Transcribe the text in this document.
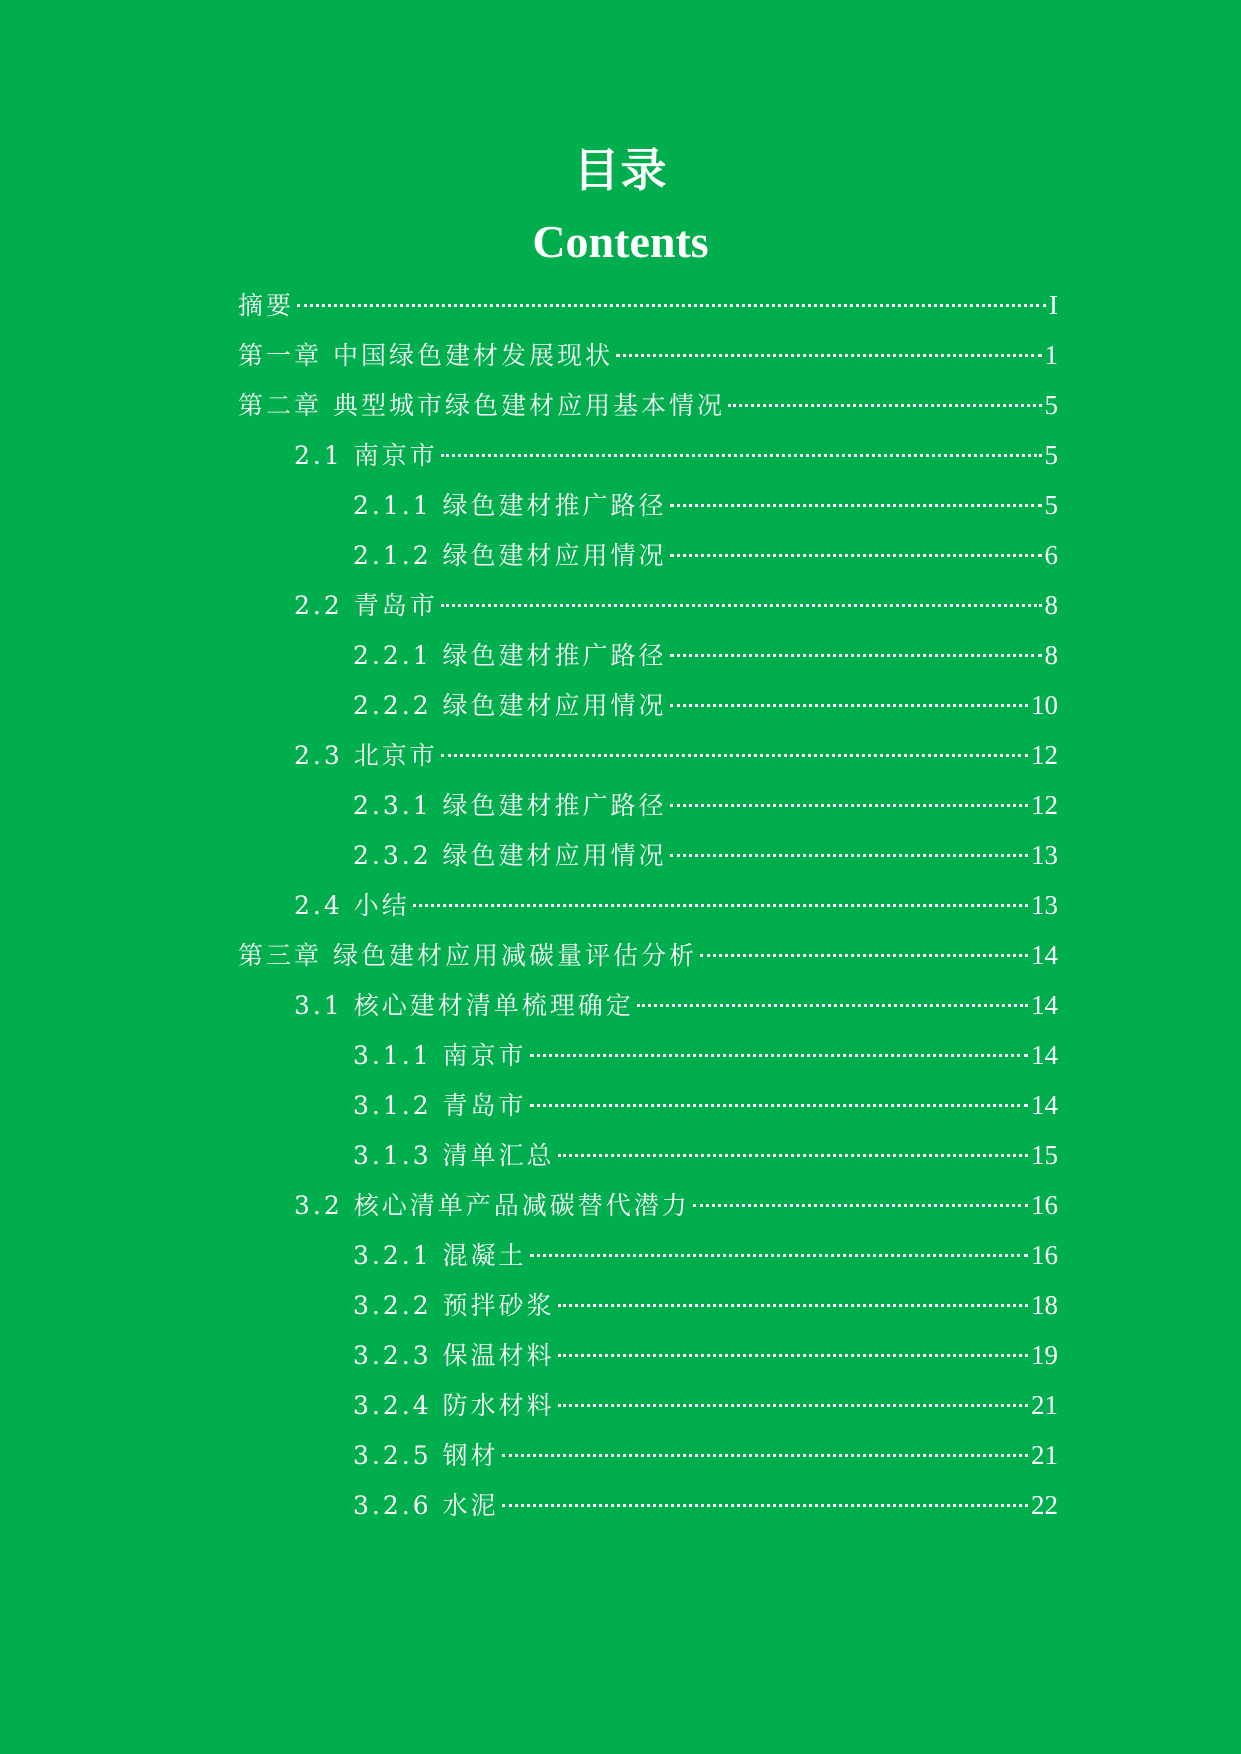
目录
Contents
摘要	I
第一章 中国绿色建材发展现状	1
第二章 典型城市绿色建材应用基本情况	5
2.1 南京市	5
2.1.1 绿色建材推广路径	5
2.1.2 绿色建材应用情况	6
2.2 青岛市	8
2.2.1 绿色建材推广路径	8
2.2.2 绿色建材应用情况	10
2.3 北京市	12
2.3.1 绿色建材推广路径	12
2.3.2 绿色建材应用情况	13
2.4 小结	13
第三章 绿色建材应用减碳量评估分析	14
3.1 核心建材清单梳理确定	14
3.1.1 南京市	14
3.1.2 青岛市	14
3.1.3 清单汇总	15
3.2 核心清单产品减碳替代潜力	16
3.2.1 混凝土	16
3.2.2 预拌砂浆	18
3.2.3 保温材料	19
3.2.4 防水材料	21
3.2.5 钢材	21
3.2.6 水泥	22
